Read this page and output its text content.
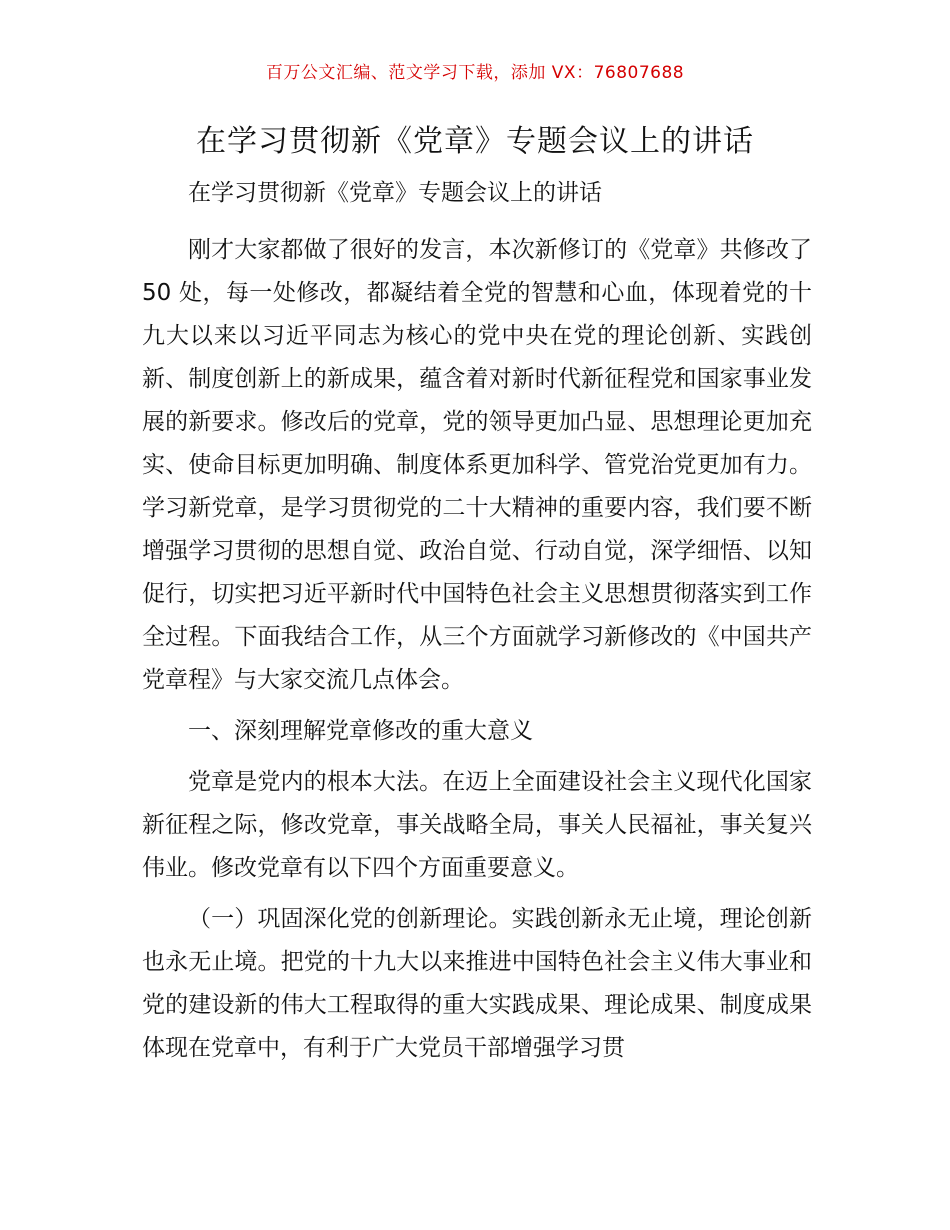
百万公文汇编、范文学习下载，添加 VX：76807688
在学习贯彻新《党章》专题会议上的讲话

在学习贯彻新《党章》专题会议上的讲话

刚才大家都做了很好的发言，本次新修订的《党章》共修改了 50 处，每一处修改，都凝结着全党的智慧和心血，体现着党的十九大以来以习近平同志为核心的党中央在党的理论创新、实践创新、制度创新上的新成果，蕴含着对新时代新征程党和国家事业发展的新要求。修改后的党章，党的领导更加凸显、思想理论更加充实、使命目标更加明确、制度体系更加科学、管党治党更加有力。学习新党章，是学习贯彻党的二十大精神的重要内容，我们要不断增强学习贯彻的思想自觉、政治自觉、行动自觉，深学细悟、以知促行，切实把习近平新时代中国特色社会主义思想贯彻落实到工作全过程。下面我结合工作，从三个方面就学习新修改的《中国共产党章程》与大家交流几点体会。

一、深刻理解党章修改的重大意义

党章是党内的根本大法。在迈上全面建设社会主义现代化国家新征程之际，修改党章，事关战略全局，事关人民福祉，事关复兴伟业。修改党章有以下四个方面重要意义。

（一）巩固深化党的创新理论。实践创新永无止境，理论创新也永无止境。把党的十九大以来推进中国特色社会主义伟大事业和党的建设新的伟大工程取得的重大实践成果、理论成果、制度成果体现在党章中，有利于广大党员干部增强学习贯
